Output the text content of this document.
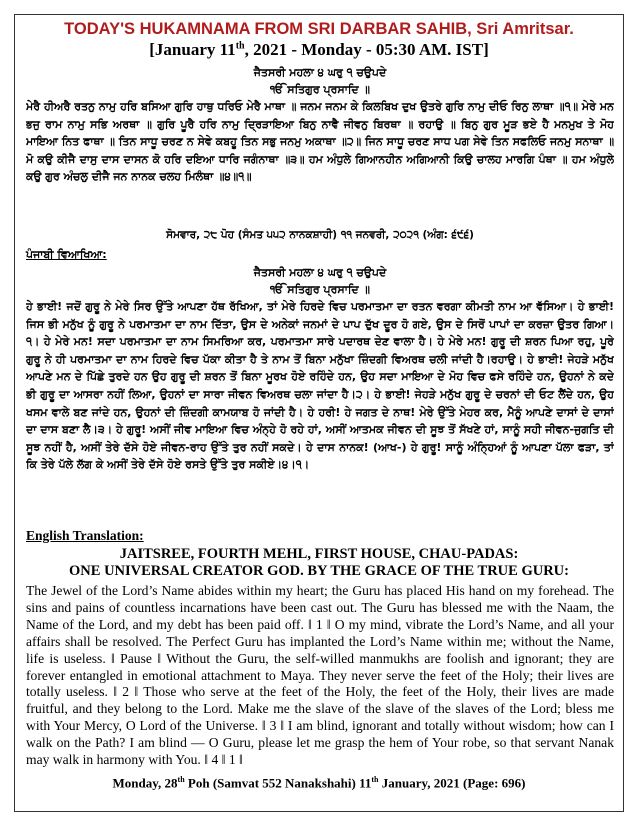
TODAY'S HUKAMNAMA FROM SRI DARBAR SAHIB, Sri Amritsar.
[January 11th, 2021 - Monday - 05:30 AM. IST]
ਜੈਤਸਰੀ ਮਹਲਾ ੪ ਘਰੁ ੧ ਚਉਪਦੇ
ੴ ਸਤਿਗੁਰ ਪ੍ਰਸਾਦਿ ॥
ਮੇਰੈ ਹੀਅਰੈ ਰਤਨੁ ਨਾਮੁ ਹਰਿ ਬਸਿਆ ਗੁਰਿ ਹਾਥੁ ਧਰਿਓ ਮੇਰੈ ਮਾਥਾ ॥ ਜਨਮ ਜਨਮ ਕੇ ਕਿਲਬਿਖ ਦੁਖ ਉਤਰੇ ਗੁਰਿ ਨਾਮੁ ਦੀਓ ਰਿਨੁ ਲਾਥਾ ॥੧॥ ਮੇਰੇ ਮਨ ਭਜੁ ਰਾਮ ਨਾਮੁ ਸਭਿ ਅਰਥਾ ॥ ਗੁਰਿ ਪੂਰੈ ਹਰਿ ਨਾਮੁ ਦ੍ਰਿੜਾਇਆ ਬਿਨੁ ਨਾਵੈ ਜੀਵਨੁ ਬਿਰਥਾ ॥ ਰਹਾਉ ॥ ਬਿਨੁ ਗੁਰ ਮੂੜ ਭਏ ਹੈ ਮਨਮੁਖ ਤੇ ਮੋਹ ਮਾਇਆ ਨਿਤ ਫਾਥਾ ॥ ਤਿਨ ਸਾਧੂ ਚਰਣ ਨ ਸੇਵੇ ਕਬਹੂ ਤਿਨ ਸਭੁ ਜਨਮੁ ਅਕਾਥਾ ॥੨॥ ਜਿਨ ਸਾਧੂ ਚਰਣ ਸਾਧ ਪਗ ਸੇਵੇ ਤਿਨ ਸਫਲਿਓ ਜਨਮੁ ਸਨਾਥਾ ॥ ਮੋ ਕਉ ਕੀਜੈ ਦਾਸੁ ਦਾਸ ਦਾਸਨ ਕੋ ਹਰਿ ਦਇਆ ਧਾਰਿ ਜਗੰਨਾਥਾ ॥੩॥ ਹਮ ਅੰਧੁਲੇ ਗਿਆਨਹੀਨ ਅਗਿਆਨੀ ਕਿਉ ਚਾਲਹ ਮਾਰਗਿ ਪੰਥਾ ॥ ਹਮ ਅੰਧੁਲੇ ਕਉ ਗੁਰ ਅੰਚਲੁ ਦੀਜੈ ਜਨ ਨਾਨਕ ਚਲਹ ਮਿਲੰਥਾ ॥੪॥੧॥
ਸੋਮਵਾਰ, ੨੮ ਪੋਹ (ਸੰਮਤ ੫੫੨ ਨਾਨਕਸ਼ਾਹੀ) ੧੧ ਜਨਵਰੀ, ੨੦੨੧ (ਅੰਗ: ੬੯੬)
ਪੰਜਾਬੀ ਵਿਆਖਿਆ:
ਜੈਤਸਰੀ ਮਹਲਾ ੪ ਘਰੁ ੧ ਚਉਪਦੇ
ੴ ਸਤਿਗੁਰ ਪ੍ਰਸਾਦਿ ॥
ਹੇ ਭਾਈ! ਜਦੋਂ ਗੁਰੂ ਨੇ ਮੇਰੇ ਸਿਰ ਉੱਤੇ ਆਪਣਾ ਹੱਥ ਰੱਖਿਆ, ਤਾਂ ਮੇਰੇ ਹਿਰਦੇ ਵਿਚ ਪਰਮਾਤਮਾ ਦਾ ਰਤਨ ਵਰਗਾ ਕੀਮਤੀ ਨਾਮ ਆ ਵੱਸਿਆ। ਹੇ ਭਾਈ! ਜਿਸ ਭੀ ਮਨੁੱਖ ਨੂੰ ਗੁਰੂ ਨੇ ਪਰਮਾਤਮਾ ਦਾ ਨਾਮ ਦਿੱਤਾ, ਉਸ ਦੇ ਅਨੇਕਾਂ ਜਨਮਾਂ ਦੇ ਪਾਪ ਦੁੱਖ ਦੂਰ ਹੋ ਗਏ, ਉਸ ਦੇ ਸਿਰੋਂ ਪਾਪਾਂ ਦਾ ਕਰਜ਼ਾ ਉਤਰ ਗਿਆ।੧। ਹੇ ਮੇਰੇ ਮਨ! ਸਦਾ ਪਰਮਾਤਮਾ ਦਾ ਨਾਮ ਸਿਮਰਿਆ ਕਰ, ਪਰਮਾਤਮਾ ਸਾਰੇ ਪਦਾਰਥ ਦੇਣ ਵਾਲਾ ਹੈ। ਹੇ ਮੇਰੇ ਮਨ! ਗੁਰੂ ਦੀ ਸ਼ਰਨ ਪਿਆ ਰਹੁ, ਪੂਰੇ ਗੁਰੂ ਨੇ ਹੀ ਪਰਮਾਤਮਾ ਦਾ ਨਾਮ ਹਿਰਦੇ ਵਿਚ ਪੱਕਾ ਕੀਤਾ ਹੈ ਤੇ ਨਾਮ ਤੋਂ ਬਿਨਾ ਮਨੁੱਖਾ ਜ਼ਿੰਦਗੀ ਵਿਅਰਥ ਚਲੀ ਜਾਂਦੀ ਹੈ।ਰਹਾਉ। ਹੇ ਭਾਈ! ਜੇਹੜੇ ਮਨੁੱਖ ਆਪਣੇ ਮਨ ਦੇ ਪਿੱਛੇ ਤੁਰਦੇ ਹਨ ਉਹ ਗੁਰੂ ਦੀ ਸ਼ਰਨ ਤੋਂ ਬਿਨਾ ਮੂਰਖ ਹੋਏ ਰਹਿੰਦੇ ਹਨ, ਉਹ ਸਦਾ ਮਾਇਆ ਦੇ ਮੋਹ ਵਿਚ ਫਸੇ ਰਹਿੰਦੇ ਹਨ, ਉਹਨਾਂ ਨੇ ਕਦੇ ਭੀ ਗੁਰੂ ਦਾ ਆਸਰਾ ਨਹੀਂ ਲਿਆ, ਉਹਨਾਂ ਦਾ ਸਾਰਾ ਜੀਵਨ ਵਿਅਰਥ ਚਲਾ ਜਾਂਦਾ ਹੈ।੨। ਹੇ ਭਾਈ! ਜੇਹੜੇ ਮਨੁੱਖ ਗੁਰੂ ਦੇ ਚਰਨਾਂ ਦੀ ਓਟ ਲੈਂਦੇ ਹਨ, ਉਹ ਖਸਮ ਵਾਲੇ ਬਣ ਜਾਂਦੇ ਹਨ, ਉਹਨਾਂ ਦੀ ਜ਼ਿੰਦਗੀ ਕਾਮਯਾਬ ਹੋ ਜਾਂਦੀ ਹੈ। ਹੇ ਹਰੀ! ਹੇ ਜਗਤ ਦੇ ਨਾਥ! ਮੇਰੇ ਉੱਤੇ ਮੇਹਰ ਕਰ, ਮੈਨੂੰ ਆਪਣੇ ਦਾਸਾਂ ਦੇ ਦਾਸਾਂ ਦਾ ਦਾਸ ਬਣਾ ਲੈ।੩। ਹੇ ਗੁਰੂ! ਅਸੀਂ ਜੀਵ ਮਾਇਆ ਵਿਚ ਅੰਨ੍ਹੇ ਹੋ ਰਹੇ ਹਾਂ, ਅਸੀਂ ਆਤਮਕ ਜੀਵਨ ਦੀ ਸੂਝ ਤੋਂ ਸੱਖਣੇ ਹਾਂ, ਸਾਨੂੰ ਸਹੀ ਜੀਵਨ-ਜੁਗਤਿ ਦੀ ਸੂਝ ਨਹੀਂ ਹੈ, ਅਸੀਂ ਤੇਰੇ ਦੱਸੇ ਹੋਏ ਜੀਵਨ-ਰਾਹ ਉੱਤੇ ਤੁਰ ਨਹੀਂ ਸਕਦੇ। ਹੇ ਦਾਸ ਨਾਨਕ! (ਆਖ-) ਹੇ ਗੁਰੂ! ਸਾਨੂੰ ਅੰਨ੍ਹਿਆਂ ਨੂੰ ਆਪਣਾ ਪੱਲਾ ਫੜਾ, ਤਾਂ ਕਿ ਤੇਰੇ ਪੱਲੇ ਲੱਗ ਕੇ ਅਸੀਂ ਤੇਰੇ ਦੱਸੇ ਹੋਏ ਰਸਤੇ ਉੱਤੇ ਤੁਰ ਸਕੀਏ।੪।੧।
English Translation:
JAITSREE, FOURTH MEHL, FIRST HOUSE, CHAU-PADAS:
ONE UNIVERSAL CREATOR GOD. BY THE GRACE OF THE TRUE GURU:
The Jewel of the Lord’s Name abides within my heart; the Guru has placed His hand on my forehead. The sins and pains of countless incarnations have been cast out. The Guru has blessed me with the Naam, the Name of the Lord, and my debt has been paid off. ‖ 1 ‖ O my mind, vibrate the Lord’s Name, and all your affairs shall be resolved. The Perfect Guru has implanted the Lord’s Name within me; without the Name, life is useless. ‖ Pause ‖ Without the Guru, the self-willed manmukhs are foolish and ignorant; they are forever entangled in emotional attachment to Maya. They never serve the feet of the Holy; their lives are totally useless. ‖ 2 ‖ Those who serve at the feet of the Holy, the feet of the Holy, their lives are made fruitful, and they belong to the Lord. Make me the slave of the slave of the slaves of the Lord; bless me with Your Mercy, O Lord of the Universe. ‖ 3 ‖ I am blind, ignorant and totally without wisdom; how can I walk on the Path? I am blind — O Guru, please let me grasp the hem of Your robe, so that servant Nanak may walk in harmony with You. ‖ 4 ‖ 1 ‖
Monday, 28th Poh (Samvat 552 Nanakshahi) 11th January, 2021 (Page: 696)
